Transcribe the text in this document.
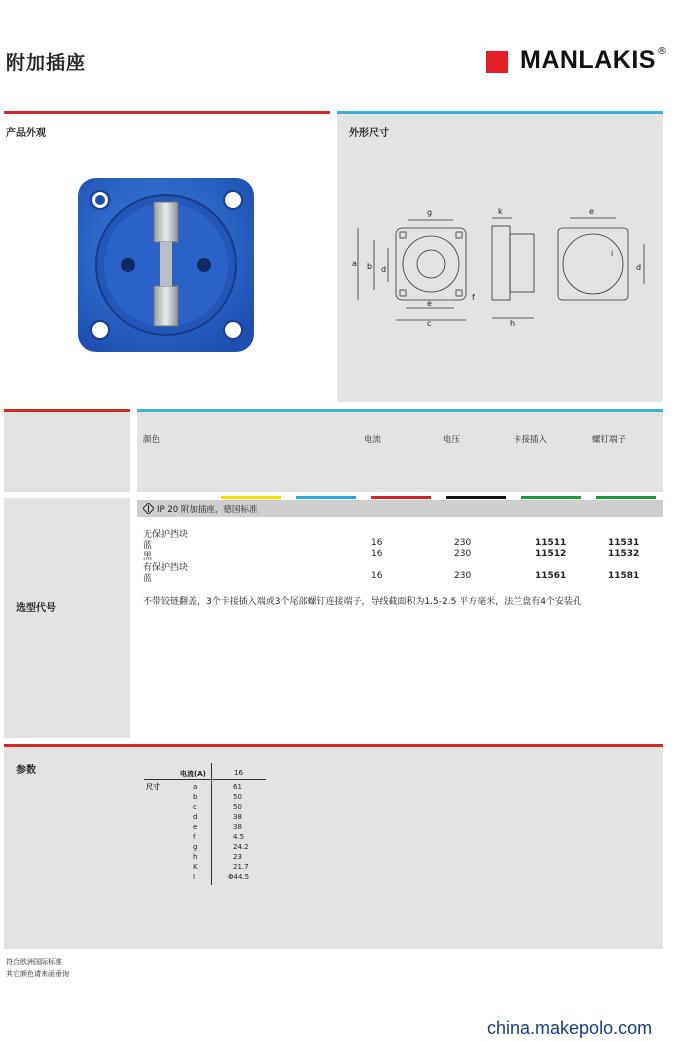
附加插座	MANLAKIS ®
产品外观	外形尺寸
g	k	e
a b d
f
e
c	h
d
i
颜色	电流	电压	卡接插入	螺钉端子
选型代号
IP 20 附加插座，德国标准
无保护挡块
蓝	16	230	11511	11531
黑	16	230	11512	11532
有保护挡块
蓝	16	230	11561	11581
不带铰链翻盖，3个卡接插入端或3个尾部螺钉连接端子，导线截面积为1.5-2.5 平方毫米，法兰盘有4个安装孔
参数	电流(A)	16
尺寸	a	61
b	50
c	50
d	38
e	38
f	4.5
g	24.2
h	23
K	21.7
I	Φ44.5
符合欧洲国际标准
其它颜色请来函垂询
china.makepolo.com
